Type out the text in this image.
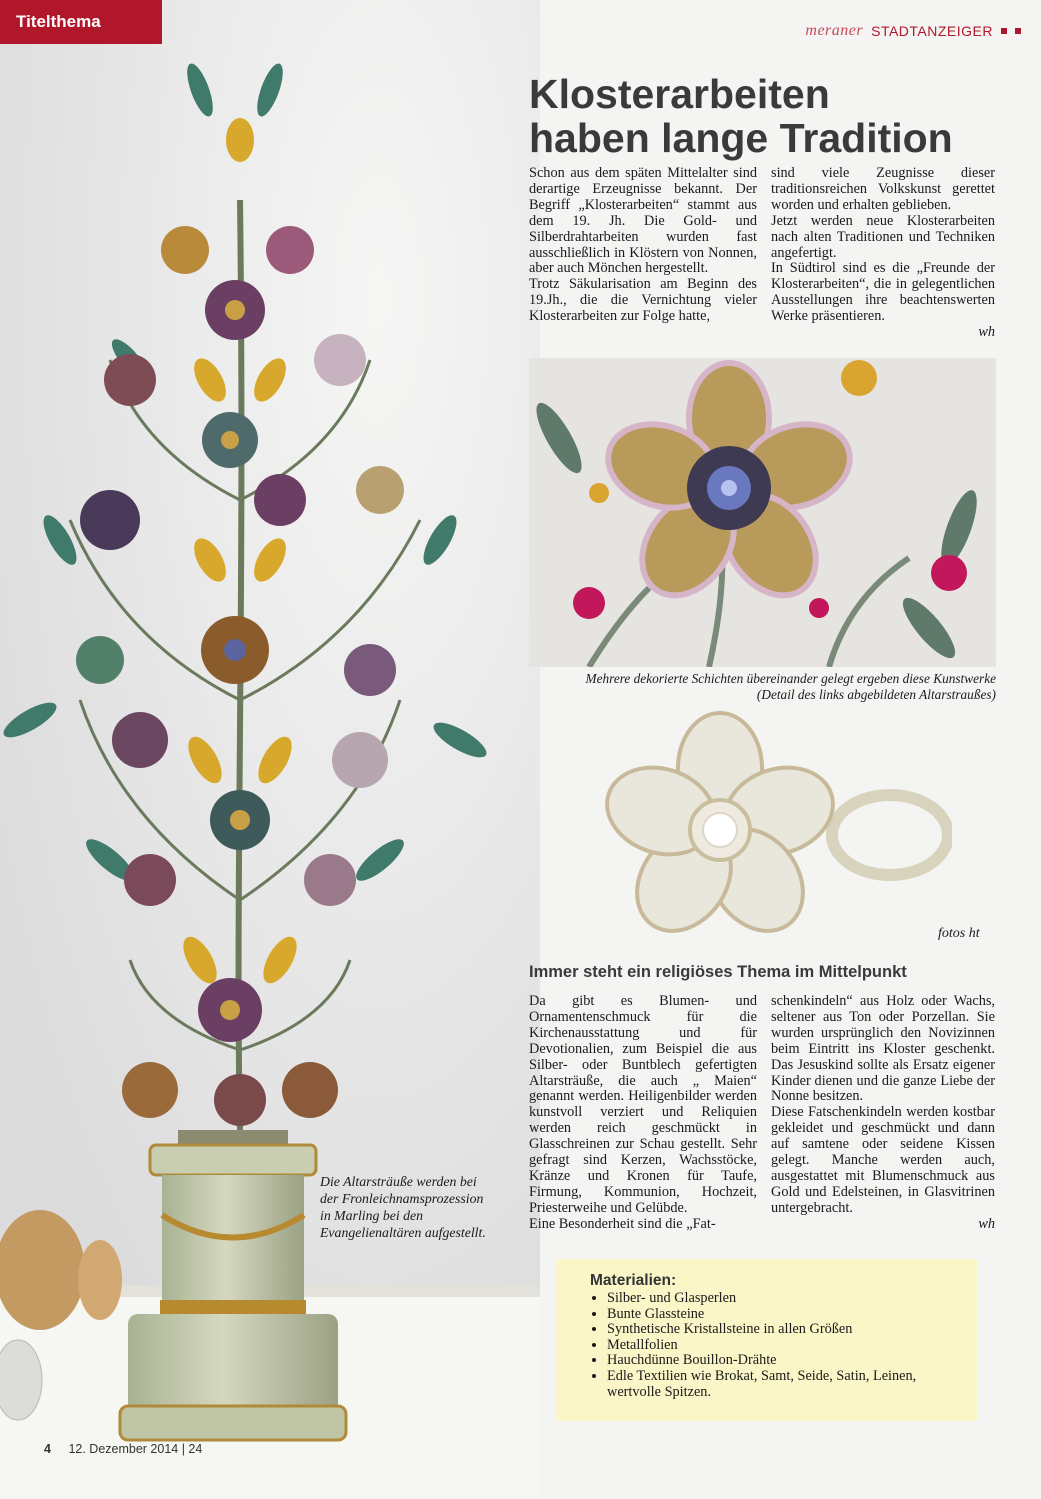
Titelthema	meraner STADTANZEIGER
Klosterarbeiten
haben lange Tradition

Schon aus dem späten Mittelalter sind derartige Erzeugnisse bekannt. Der Begriff „Klosterarbeiten“ stammt aus dem 19. Jh. Die Gold- und Silberdrahtarbeiten wurden fast ausschließlich in Klöstern von Nonnen, aber auch Mönchen hergestellt.

Trotz Säkularisation am Beginn des 19.Jh., die die Vernichtung vieler Klosterarbeiten zur Folge hatte,

sind viele Zeugnisse dieser traditionsreichen Volkskunst gerettet worden und erhalten geblieben.

Jetzt werden neue Klosterarbeiten nach alten Traditionen und Techniken angefertigt.

In Südtirol sind es die „Freunde der Klosterarbeiten“, die in gelegentlichen Ausstellungen ihre beachtenswerten Werke präsentieren.

wh

Mehrere dekorierte Schichten übereinander gelegt ergeben diese Kunstwerke
(Detail des links abgebildeten Altarstraußes)
fotos ht
Immer steht ein religiöses Thema im Mittelpunkt

Da gibt es Blumen- und Ornamentenschmuck für die Kirchenausstattung und für Devotionalien, zum Beispiel die aus Silber- oder Buntblech gefertigten Altarsträuße, die auch „ Maien“ genannt werden. Heiligenbilder werden kunstvoll verziert und Reliquien werden reich geschmückt in Glasschreinen zur Schau gestellt. Sehr gefragt sind Kerzen, Wachsstöcke, Kränze und Kronen für Taufe, Firmung, Kommunion, Hochzeit, Priesterweihe und Gelübde.

Eine Besonderheit sind die „Fat-

schenkindeln“ aus Holz oder Wachs, seltener aus Ton oder Porzellan. Sie wurden ursprünglich den Novizinnen beim Eintritt ins Kloster geschenkt. Das Jesuskind sollte als Ersatz eigener Kinder dienen und die ganze Liebe der Nonne besitzen.

Diese Fatschenkindeln werden kostbar gekleidet und geschmückt und dann auf samtene oder seidene Kissen gelegt. Manche werden auch, ausgestattet mit Blumenschmuck aus Gold und Edelsteinen, in Glasvitrinen untergebracht.

wh

Materialien:
• Silber- und Glasperlen
• Bunte Glassteine
• Synthetische Kristallsteine in allen Größen
• Metallfolien
• Hauchdünne Bouillon-Drähte
• Edle Textilien wie Brokat, Samt, Seide, Satin, Leinen, wertvolle Spitzen.
Die Altarsträuße werden bei der Fronleichnamsprozession in Marling bei den Evangelienaltären aufgestellt.
4 12. Dezember 2014 | 24
